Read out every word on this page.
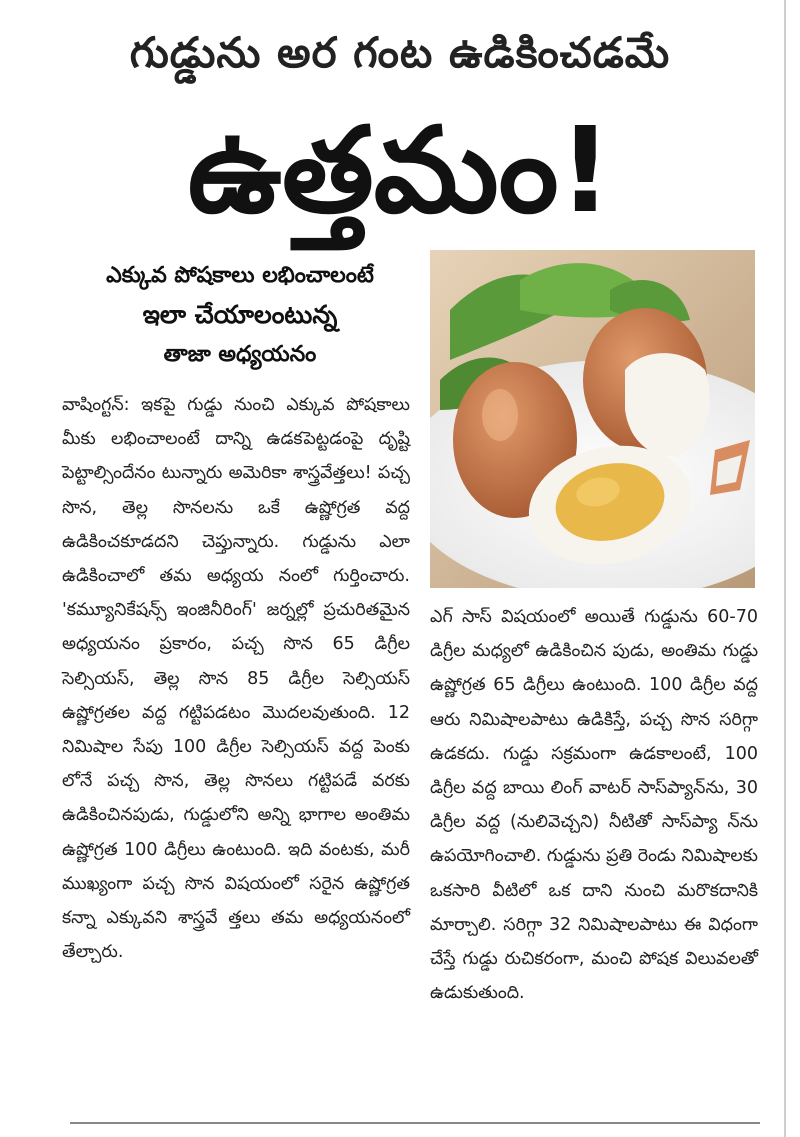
గుడ్డును అర గంట ఉడికించడమే
ఉత్తమం!
ఎక్కువ పోషకాలు లభించాలంటే
ఇలా చేయాలంటున్న
తాజా అధ్యయనం
వాషింగ్టన్: ఇకపై గుడ్డు నుంచి ఎక్కువ పోషకాలు మీకు లభించాలంటే దాన్ని ఉడకపెట్టడంపై దృష్టి పెట్టాల్సిందేనం టున్నారు అమెరికా శాస్త్రవేత్తలు! పచ్చ సొన, తెల్ల సొనలను ఒకే ఉష్ణోగ్రత వద్ద ఉడికించకూడదని చెప్తున్నారు. గుడ్డును ఎలా ఉడికించాలో తమ అధ్యయ నంలో గుర్తించారు. 'కమ్యూనికేషన్స్ ఇంజినీరింగ్' జర్నల్లో ప్రచురితమైన అధ్యయనం ప్రకారం, పచ్చ సొన 65 డిగ్రీల సెల్సియస్, తెల్ల సొన 85 డిగ్రీల సెల్సియస్ ఉష్ణోగ్రతల వద్ద గట్టిపడటం మొదలవుతుంది. 12 నిమిషాల సేపు 100 డిగ్రీల సెల్సియస్ వద్ద పెంకు లోనే పచ్చ సొన, తెల్ల సొనలు గట్టిపడే వరకు ఉడికించినపుడు, గుడ్డులోని అన్ని భాగాల అంతిమ ఉష్ణోగ్రత 100 డిగ్రీలు ఉంటుంది. ఇది వంటకు, మరీ ముఖ్యంగా పచ్చ సొన విషయంలో సరైన ఉష్ణోగ్రత కన్నా ఎక్కువని శాస్త్రవే త్తలు తమ అధ్యయనంలో తేల్చారు.
ఎగ్ సాస్ విషయంలో అయితే గుడ్డును 60-70 డిగ్రీల మధ్యలో ఉడికించిన పుడు, అంతిమ గుడ్డు ఉష్ణోగ్రత 65 డిగ్రీలు ఉంటుంది. 100 డిగ్రీల వద్ద ఆరు నిమిషాలపాటు ఉడికిస్తే, పచ్చ సొన సరిగ్గా ఉడకదు. గుడ్డు సక్రమంగా ఉడకాలంటే, 100 డిగ్రీల వద్ద బాయి లింగ్ వాటర్ సాస్‌ప్యాన్‌ను, 30 డిగ్రీల వద్ద (నులివెచ్చని) నీటితో సాస్‌ప్యా న్‌ను ఉపయోగించాలి. గుడ్డును ప్రతి రెండు నిమిషాలకు ఒకసారి వీటిలో ఒక దాని నుంచి మరొకదానికి మార్చాలి. సరిగ్గా 32 నిమిషాలపాటు ఈ విధంగా చేస్తే గుడ్డు రుచికరంగా, మంచి పోషక విలువలతో ఉడుకుతుంది.
